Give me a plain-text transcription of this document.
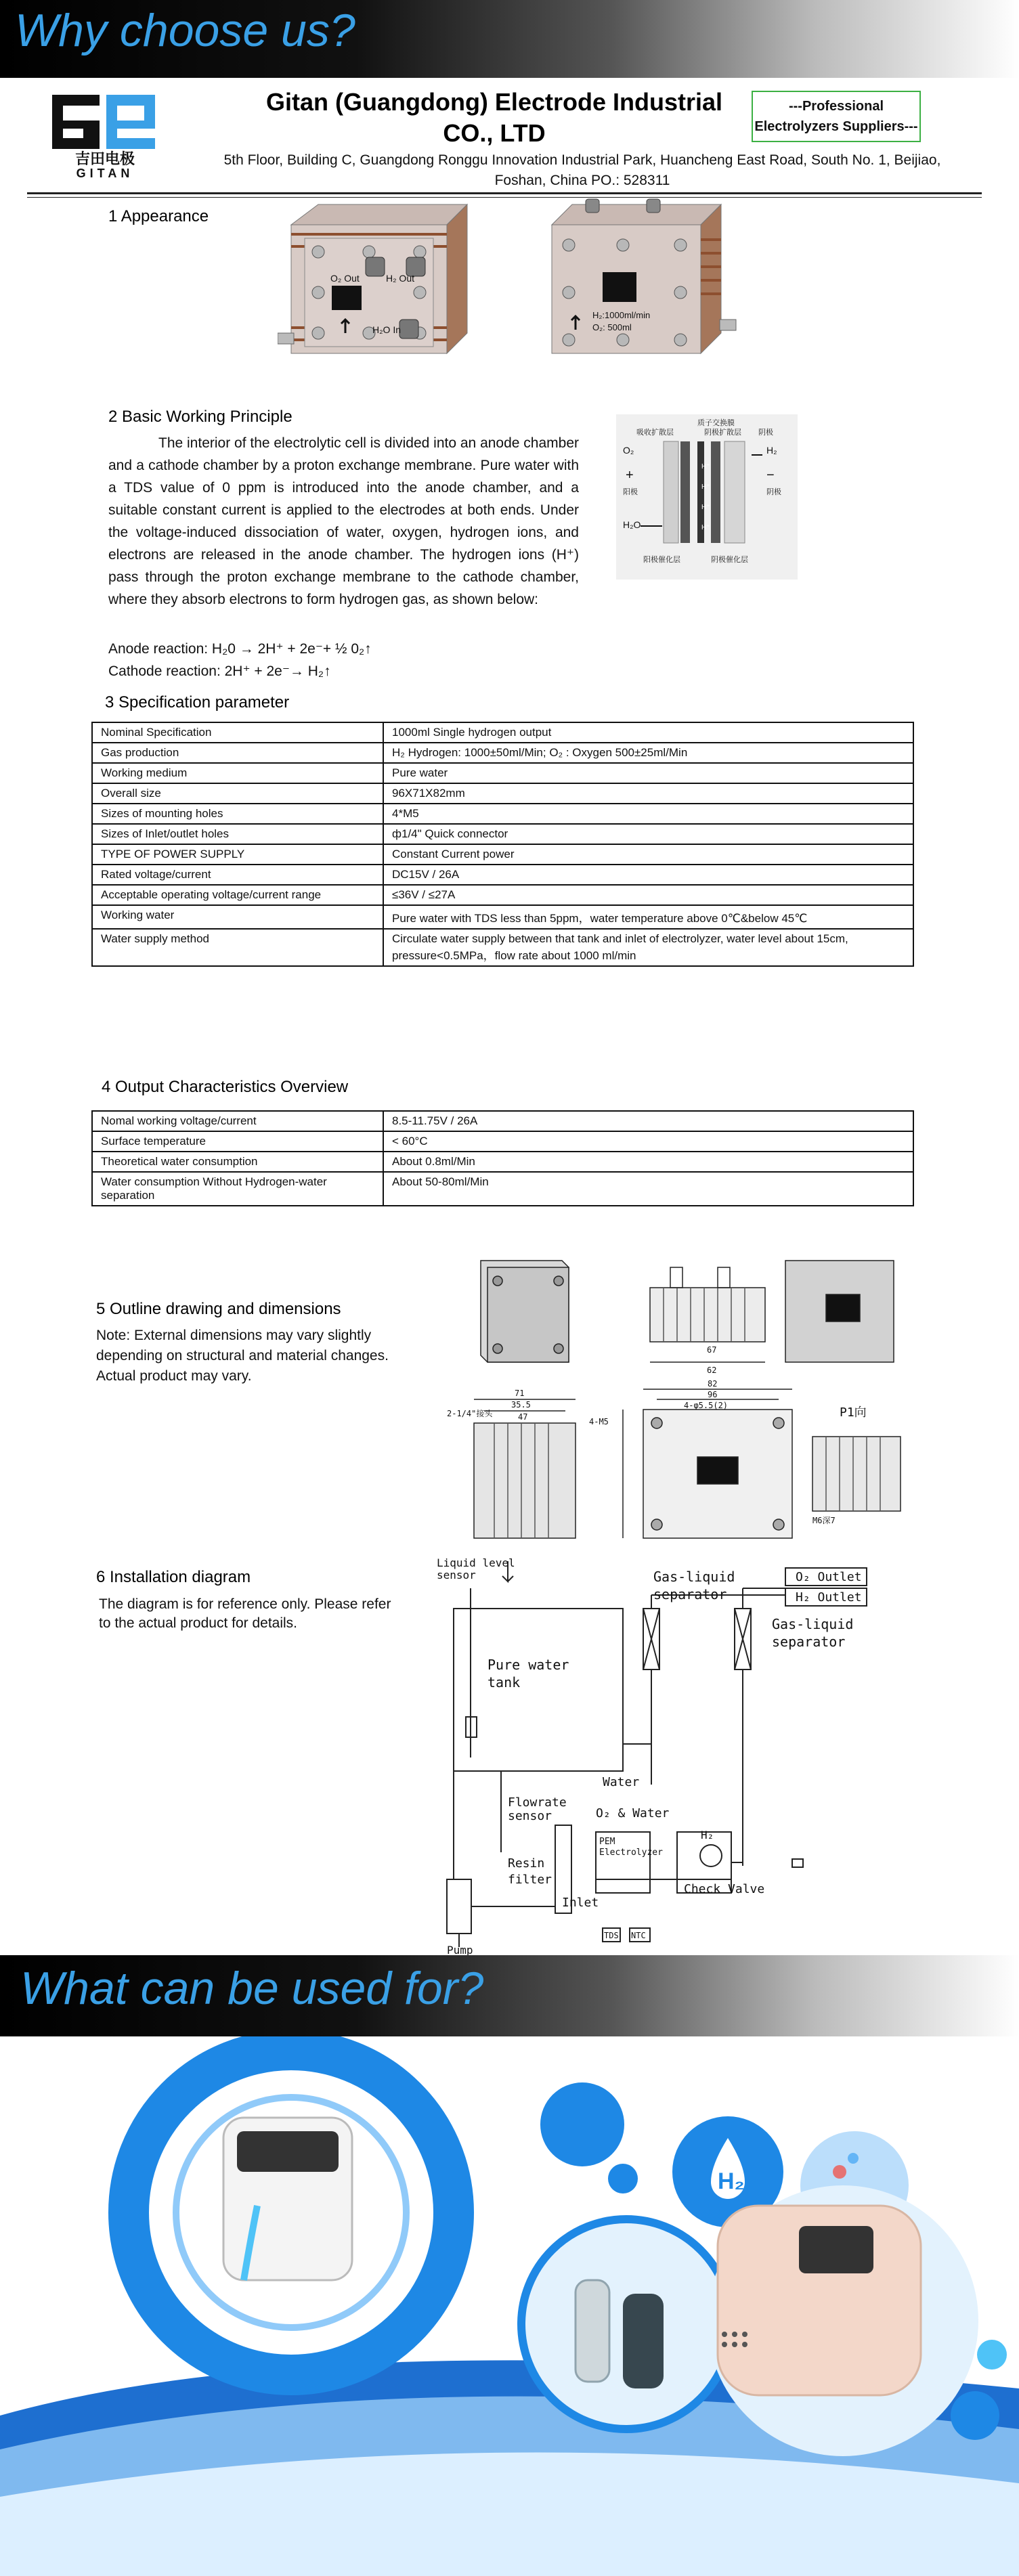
Why choose us?
吉田电极
GITAN
Gitan (Guangdong) Electrode Industrial
CO., LTD
---Professional
Electrolyzers Suppliers---
5th Floor, Building C, Guangdong Ronggu Innovation Industrial Park, Huancheng East Road, South No. 1, Beijiao,
Foshan, China PO.: 528311
1 Appearance
O₂ Out	H₂ Out
H₂O In
H₂:1000ml/min
O₂: 500ml
2 Basic Working Principle
The interior of the electrolytic cell is divided into an anode chamber and a cathode chamber by a proton exchange membrane. Pure water with a TDS value of 0 ppm is introduced into the anode chamber, and a suitable constant current is applied to the electrodes at both ends. Under the voltage-induced dissociation of water, oxygen, hydrogen ions, and electrons are released in the anode chamber. The hydrogen ions (H⁺) pass through the proton exchange membrane to the cathode chamber, where they absorb electrons to form hydrogen gas, as shown below:
Anode reaction: H₂0 → 2H⁺ + 2e⁻+ ½ 0₂↑
Cathode reaction: 2H⁺ + 2e⁻→ H₂↑
质子交换膜
吸收扩散层	阴极扩散层 阴极
O₂	H₂
+	−
阳极	阴极
H₂O
H⁺
H⁺
H⁺
H⁺
阳极催化层	阴极催化层
3 Specification parameter
Nominal Specification	1000ml Single hydrogen output
Gas production	H₂ Hydrogen: 1000±50ml/Min; O₂ : Oxygen 500±25ml/Min
Working medium	Pure water
Overall size	96X71X82mm
Sizes of mounting holes	4*M5
Sizes of Inlet/outlet holes	ф1/4" Quick connector
TYPE OF POWER SUPPLY	Constant Current power
Rated voltage/current	DC15V / 26A
Acceptable operating voltage/current range	≤36V / ≤27A
Working water	Pure water with TDS less than 5ppm，water temperature above 0℃&below 45℃
Water supply method	Circulate water supply between that tank and inlet of electrolyzer, water level about 15cm, pressure<0.5MPa，flow rate about 1000 ml/min
4 Output Characteristics Overview
Nomal working voltage/current	8.5-11.75V / 26A
Surface temperature	< 60°C
Theoretical water consumption	About 0.8ml/Min
Water consumption Without Hydrogen-water separation	About 50-80ml/Min
5 Outline drawing and dimensions
Note: External dimensions may vary slightly depending on structural and material changes. Actual product may vary.
71
35.5
47
82
96
67
62
4-φ5.5(2)
4-M5
P1向
2-1/4"接头
M6深7
6 Installation diagram
The diagram is for reference only. Please refer to the actual product for details.
Liquid level
sensor
Pure water
tank
Gas-liquid
separator
Gas-liquid
separator
O₂ Outlet
H₂ Outlet
Water
Flowrate
sensor	O₂ & Water
PEM
Electrolyzer
Resin
filter
Inlet
H₂
Check Valve
Pump
TDS NTC
What can be used for?
H₂
